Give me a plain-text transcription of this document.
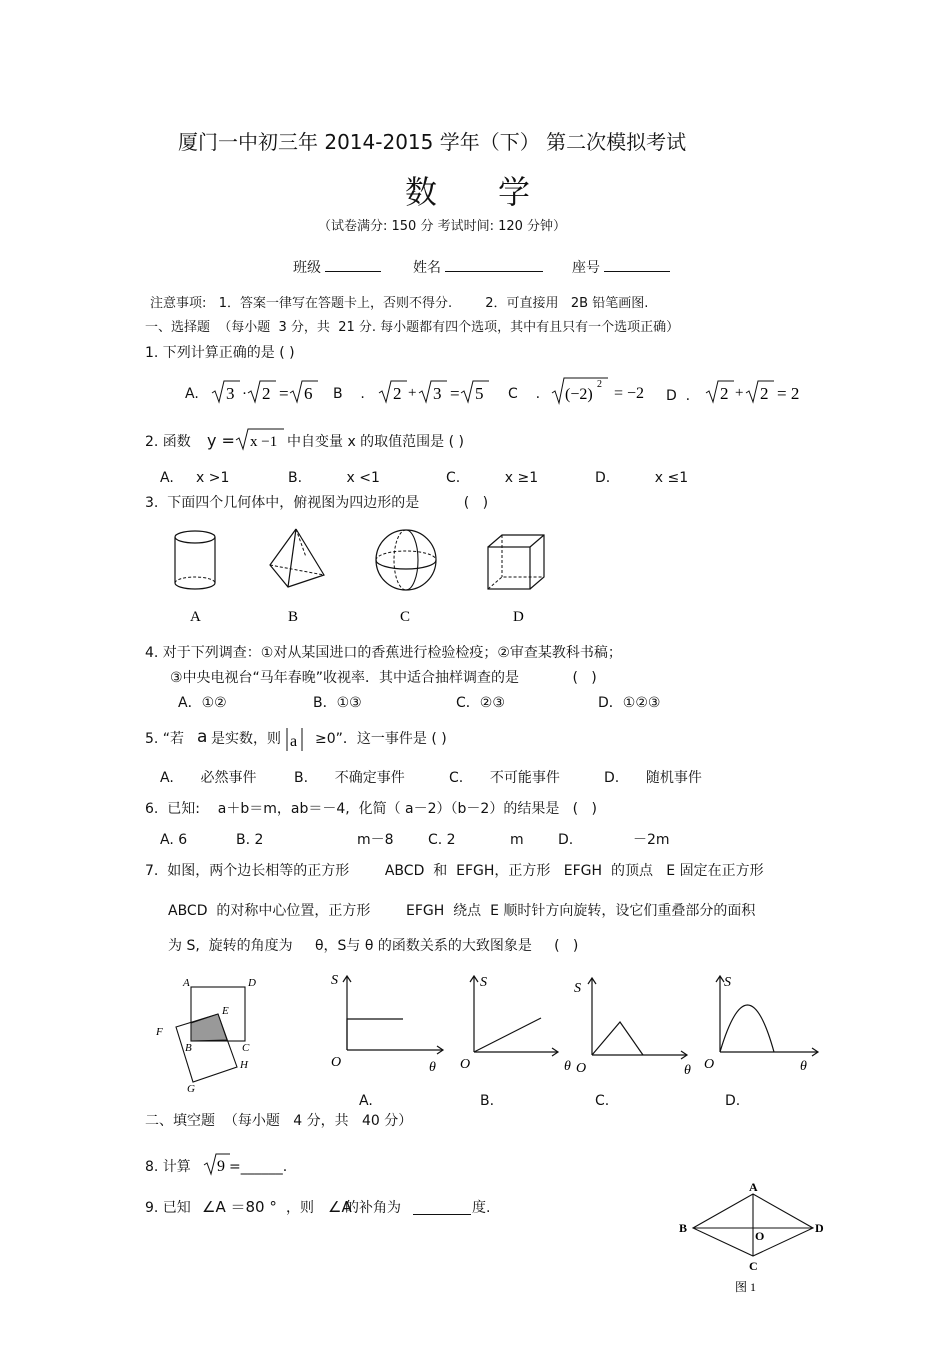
厦门一中初三年 2014-2015 学年（下） 第二次模拟考试
数      学
（试卷满分: 150 分 考试时间: 120 分钟）
班级	姓名	座号
注意事项:   1．答案一律写在答题卡上，否则不得分.        2．可直接用   2B 铅笔画图.
一、选择题  （每小题  3 分，共  21 分. 每小题都有四个选项，其中有且只有一个选项正确）
1. 下列计算正确的是 ( )
A. 3 · 2 = 6 B    . 2 + 3 = 5 C    . (−2)
2
= −2 D  . 2 + 2 = 2
2. 函数 y = x −1 中自变量 x 的取值范围是 ( )
A.     x >1	B.          x <1	C.          x ≥1	D.          x ≤1
3.  下面四个几何体中，俯视图为四边形的是          (   )
A	B	C	D
4. 对于下列调查：①对从某国进口的香蕉进行检验检疫；②审查某教科书稿；
③中央电视台“马年春晚”收视率．其中适合抽样调查的是            (   )
A．①②	B．①③	C．②③	D．①②③
5. “若 a 是实数，则 a ≥0”．这一事件是 ( )
A.      必然事件	B.      不确定事件	C.      不可能事件	D.      随机事件
6.  已知:    a＋b＝m，ab＝－4,  化简（ a－2）（b－2）的结果是   (   )
A. 6	B. 2	m－8 C. 2	m D.	－2m
7.  如图，两个边长相等的正方形        ABCD  和  EFGH，正方形   EFGH  的顶点   E 固定在正方形
ABCD  的对称中心位置，正方形        EFGH  绕点  E 顺时针方向旋转，设它们重叠部分的面积
为 S,  旋转的角度为     θ，S与 θ 的函数关系的大致图象是     (   )
A	D
E
F
B	C
H
G
S
O	θ
S
O
S
θ O	θ
S
O	θ
A.	B.	C.	D.
二、填空题  （每小题   4 分，共   40 分）
8. 计算 9 =______.
9. 已知 ∠A ＝80 ° ，则 ∠A
的补角为	度.
A
B
O
D
C
图 1
